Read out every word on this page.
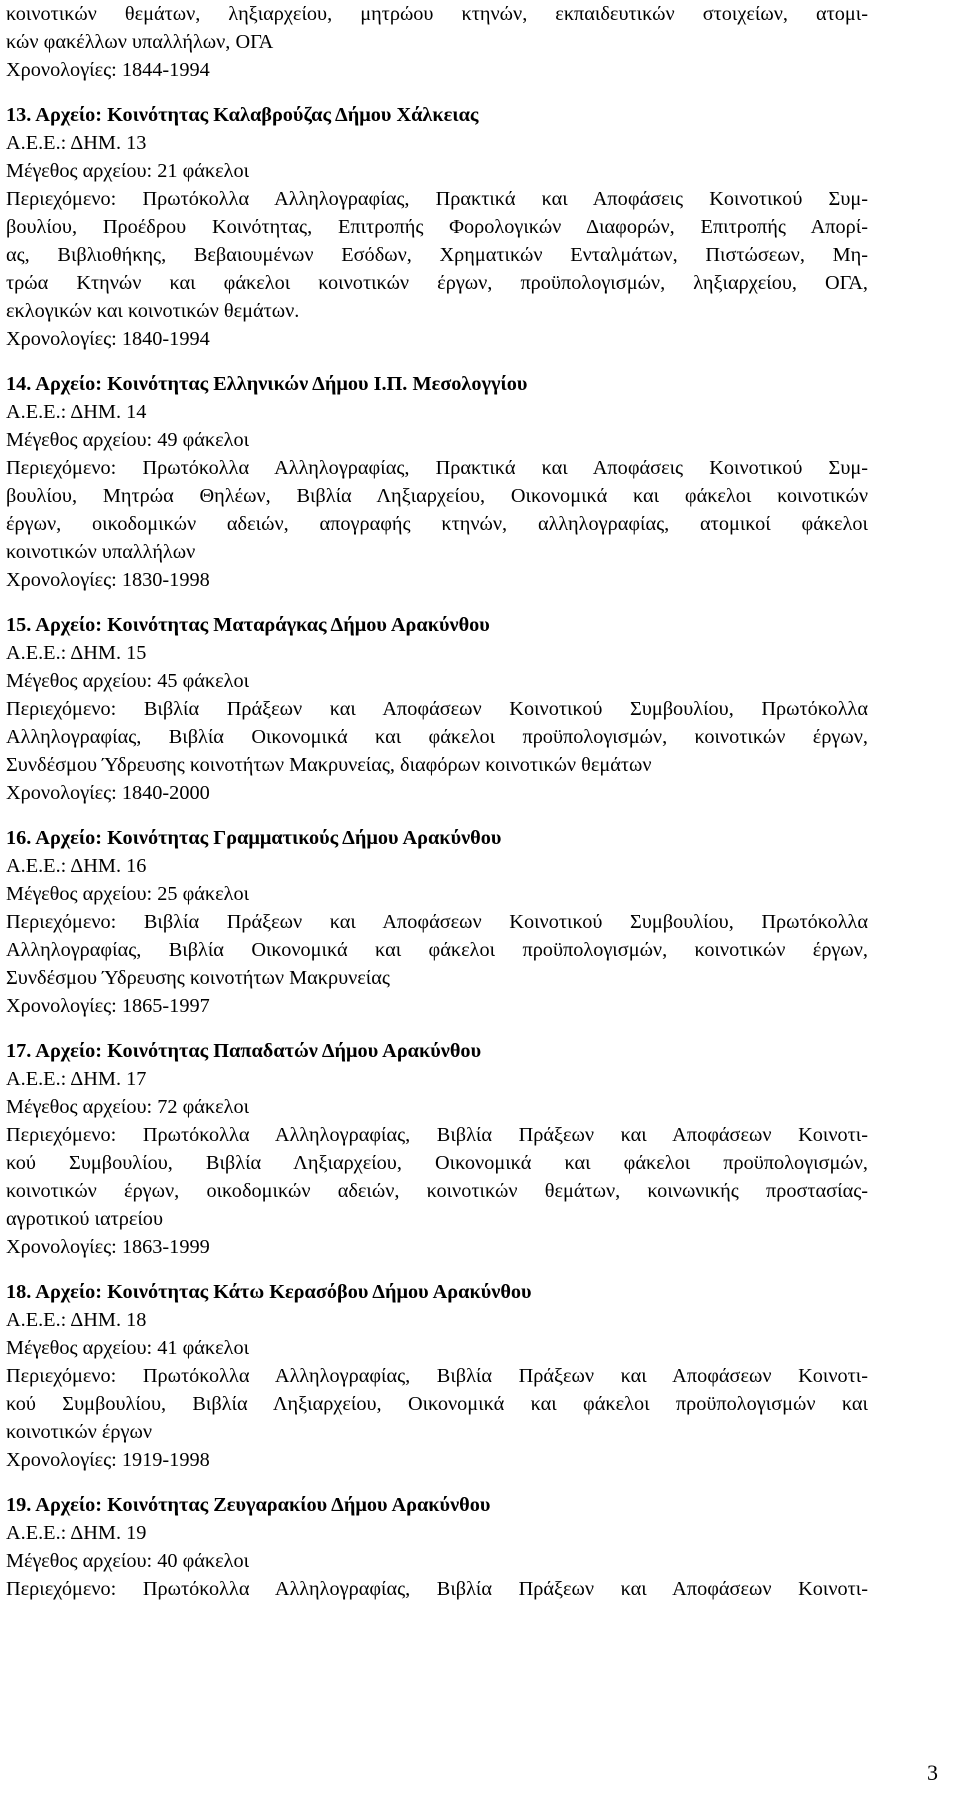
κοινοτικών θεμάτων, ληξιαρχείου, μητρώου κτηνών, εκπαιδευτικών στοιχείων, ατομι-
κών φακέλλων υπαλλήλων, ΟΓΑ
Χρονολογίες: 1844-1994
13. Αρχείο: Κοινότητας Καλαβρούζας Δήμου Χάλκειας
Α.Ε.Ε.: ΔΗΜ. 13
Μέγεθος αρχείου: 21 φάκελοι
Περιεχόμενο: Πρωτόκολλα Αλληλογραφίας, Πρακτικά και Αποφάσεις Κοινοτικού Συμ-
βουλίου, Προέδρου Κοινότητας, Επιτροπής Φορολογικών Διαφορών, Επιτροπής Απορί-
ας, Βιβλιοθήκης, Βεβαιουμένων Εσόδων, Χρηματικών Ενταλμάτων, Πιστώσεων, Μη-
τρώα Κτηνών και φάκελοι κοινοτικών έργων, προϋπολογισμών, ληξιαρχείου, ΟΓΑ,
εκλογικών και κοινοτικών θεμάτων.
Χρονολογίες: 1840-1994
14. Αρχείο: Κοινότητας Ελληνικών Δήμου Ι.Π. Μεσολογγίου
Α.Ε.Ε.: ΔΗΜ. 14
Μέγεθος αρχείου: 49 φάκελοι
Περιεχόμενο: Πρωτόκολλα Αλληλογραφίας, Πρακτικά και Αποφάσεις Κοινοτικού Συμ-
βουλίου, Μητρώα Θηλέων, Βιβλία Ληξιαρχείου, Οικονομικά και φάκελοι κοινοτικών
έργων, οικοδομικών αδειών, απογραφής κτηνών, αλληλογραφίας, ατομικοί φάκελοι
κοινοτικών υπαλλήλων
Χρονολογίες: 1830-1998
15. Αρχείο: Κοινότητας Ματαράγκας Δήμου Αρακύνθου
Α.Ε.Ε.: ΔΗΜ. 15
Μέγεθος αρχείου: 45 φάκελοι
Περιεχόμενο: Βιβλία Πράξεων και Αποφάσεων Κοινοτικού Συμβουλίου, Πρωτόκολλα
Αλληλογραφίας, Βιβλία Οικονομικά και φάκελοι προϋπολογισμών, κοινοτικών έργων,
Συνδέσμου Ύδρευσης κοινοτήτων Μακρυνείας, διαφόρων κοινοτικών θεμάτων
Χρονολογίες: 1840-2000
16. Αρχείο: Κοινότητας Γραμματικούς Δήμου Αρακύνθου
Α.Ε.Ε.: ΔΗΜ. 16
Μέγεθος αρχείου: 25 φάκελοι
Περιεχόμενο: Βιβλία Πράξεων και Αποφάσεων Κοινοτικού Συμβουλίου, Πρωτόκολλα
Αλληλογραφίας, Βιβλία Οικονομικά και φάκελοι προϋπολογισμών, κοινοτικών έργων,
Συνδέσμου Ύδρευσης κοινοτήτων Μακρυνείας
Χρονολογίες: 1865-1997
17. Αρχείο: Κοινότητας Παπαδατών Δήμου Αρακύνθου
Α.Ε.Ε.: ΔΗΜ. 17
Μέγεθος αρχείου: 72 φάκελοι
Περιεχόμενο: Πρωτόκολλα Αλληλογραφίας, Βιβλία Πράξεων και Αποφάσεων Κοινοτι-
κού Συμβουλίου, Βιβλία Ληξιαρχείου, Οικονομικά και φάκελοι προϋπολογισμών,
κοινοτικών έργων, οικοδομικών αδειών, κοινοτικών θεμάτων, κοινωνικής προστασίας-
αγροτικού ιατρείου
Χρονολογίες: 1863-1999
18. Αρχείο: Κοινότητας Κάτω Κερασόβου Δήμου Αρακύνθου
Α.Ε.Ε.: ΔΗΜ. 18
Μέγεθος αρχείου: 41 φάκελοι
Περιεχόμενο: Πρωτόκολλα Αλληλογραφίας, Βιβλία Πράξεων και Αποφάσεων Κοινοτι-
κού Συμβουλίου, Βιβλία Ληξιαρχείου, Οικονομικά και φάκελοι προϋπολογισμών και
κοινοτικών έργων
Χρονολογίες: 1919-1998
19. Αρχείο: Κοινότητας Ζευγαρακίου Δήμου Αρακύνθου
Α.Ε.Ε.: ΔΗΜ. 19
Μέγεθος αρχείου: 40 φάκελοι
Περιεχόμενο: Πρωτόκολλα Αλληλογραφίας, Βιβλία Πράξεων και Αποφάσεων Κοινοτι-
3
